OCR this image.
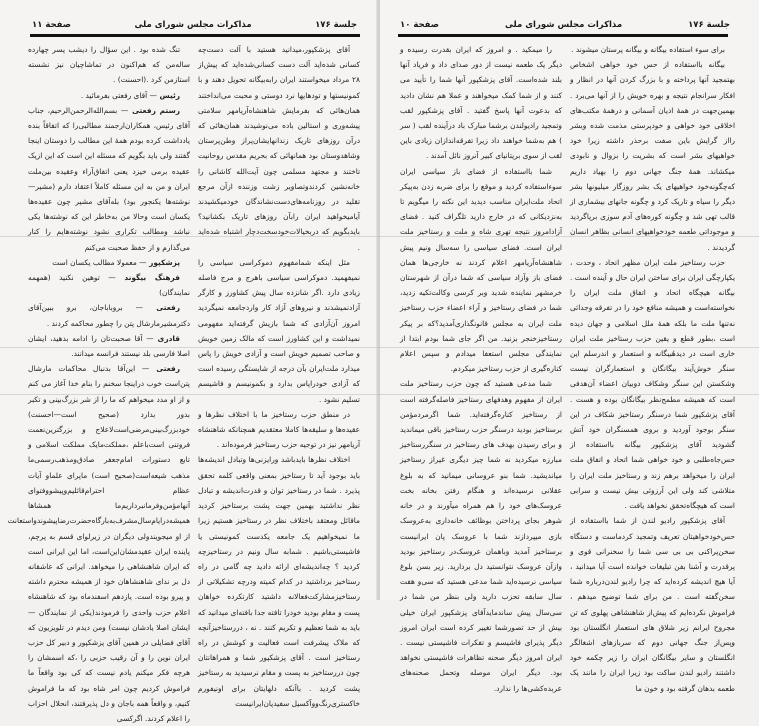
جلسة ۱۷۶
مذاکرات مجلس شورای ملی
صفحة ۱۱

آقای پزشکپور،میدانید هستید با آلت دست‌چه کسانی شده‌اید آلت دست کسانی‌شده‌اید که پیش‌از ۲۸ مرداد میخواستند ایران رابه‌بیگانه تحویل دهند و با کمونیستها و تودهایها نرد دوستی و محبت می‌انداختند همان‌هائی که بفرمایش شاهنشاه‌آریامهر سلامتی پیشه‌وری و استالین باده می‌نوشیدند همان‌هائی که درآن روزهای تاریک زندانهایشان‌پراز وطن‌پرستان وشاهدوستان بود همانهائی که بحریم مقدس روحانیت تاختند و مجتهد مسلمی چون آیت‌الله کاشانی را خانه‌نشین کردندوتصاویر زشت وزننده ازآن مرجع تقلید در روزنامه‌های‌دست‌نشاندگان خودمیکشیدند آیامیخواهید ایران رابآن روزهای تاریک بکشانید؟بایدبگویم که دربخیالات‌خودسخت‌دچار اشتباه شده‌اید .

مثل اینکه شمامفهوم دموکراسی سیاسی را نمیفهمید. دموکراسی سیاسی باهرج و مرج فاصله زیادی دارد .اگر شانزده سال پیش کشاورز و کارگر آزادنمیشدند و نیروهای آزاد کار واردجامعه نمیگردید امروز آن‌آزادی که شما بازیش گرفته‌اید مفهومی نمیداشت و این کشاورز است که مالک زمین خویش و صاحب تصمیم خویش است و آزادی خویش را پاس میدارد ملت‌ایران بآن درجه از شایستگی رسیده است که آزادی خودراپاس بدارد و بکمونیسم و فاشیسم تسلیم نشود .

در منطق حزب رستاخیز ما با اختلاف نظرها و عقیده‌ها و سلیقه‌ها کاملا معتقدیم همچنانکه شاهنشاه آریامهر نیز در توجیه حزب رستاخیز فرموده‌اند .

اختلاف نظرها بایدباشد ورایزنی‌ها وتبادل اندیشه‌ها باید بوجود آید تا رستاخیز بمعنی واقعی کلمه تحقق پذیرد . شما در رستاخیز توان و قدرت‌اندیشه و تبادل نظر نداشتید بهمین جهت پشت برستاخیز کردید ماقائل ومعتقد باختلاف نظر در رستاخیز هستیم زیرا ما نمیخواهیم یک جامعه یکدست کمونیستی یا فاشیستی‌باشیم . شمابه سال ونیم در رستاخیزچه کردید ؟ چه‌اندیشه‌ای ارائه دادید چه گامی در راه رستاخیز برداشتید در کدام کمیته ودرچه تشکیلاتی از رستاخیزمشارکت‌فعالانه داشتید کارتکرده خواهان پست و مقام بودید خودرا تافته جدا بافته‌ای میدانید که باید به شما تعظیم و تکریم کنند . نه ، دررستاخیزآنچه که ملاک پیشرفت است فعالیت و کوشش در راه رستاخیز است . آقای پزشکپور شما و همراهانتان چون دررستاخیز به پست و مقام نرسیدید به رستاخیز پشت کردید . باآنکه دلهایتان برای اونیفورم خاکستری‌رنگ‌ووآکسیل سفیدپان‌ایرانیست

تنگ شده بود . این سؤال را دیشب پسر چهارده ساله‌من که هم‌اکنون در تماشاچیان نیز نشسته استازمن کرد .(احسنت) .

رئیس — آقای رفعتی بفرمائید .

رستم رفعتی — بسم‌الله‌الرحمن‌الرحیم، جناب آقای رئیس، همکاران‌ارجمند مطالبی‌را که اتفاقاً بنده یادداشت کرده بودم همهٔ این مطالب را دوستان اینجا گفتند ولی باید بگویم که مسئله این است که این ازیک عقیده برمی خیزد یعنی اتفاق‌آراء وعقیده بین‌ملت ایران و من به این مسئله کاملاً اعتقاد دارم (مشیر—نوشته‌ها یکنجور بود) بله‌آقای مشیر چون عقیده‌ها یکسان است وحالا من به‌خاطر این که نوشته‌ها یکی نباشد ومطالب تکراری نشود نوشته‌هایم را کنار می‌گذارم و از حفظ صحبت می‌کنم

پزشکپور — معمولا مطالب یکسان است

فرهنگ بیگوند — توهین نکنید (همهمه نمایندگان)

رفعتی — بروباباجان، برو ببین‌آقای دکترمشیرمارشال پتن را چطور محاکمه کردند .

قادری — آقا صحبت‌تان را ادامه بدهید، ایشان اصلا فارسی بلد نیستند فرانسه میدانند.

رفعتی — این‌آقا بدنبال محاکمات مارشال پتن‌است خوب دراینجا سخنم را بنام خدا آغاز می کنم و از او مدد میخواهم که ما را از شر بزرگ‌بینی و تکبر بدور بدارد (صحیح است—احسنت) خودبزرگ‌بینی‌مرضی‌است‌لاعلاج و بزرگترین‌نعمت فروتنی است‌باعلم ،مملکت‌مایک مملکت اسلامی و تابع دستورات امام‌جعفر صادق‌ومذهب‌رسمی‌ما مذهب شیعه‌است(صحیح است) ماپرای علماو آیات عظام احترام‌قائلیم‌وپیشووفتوای آنهامؤمن‌وفرمانبرداریم‌ما همشاها همیشه‌درایام‌سال‌مشرف‌به‌بارگاه‌حضرت‌رضاپیشوندواستعانت از او میجویندولی دیگران در زیرلوای قسم به پرچم، پاینده ایران عقیدمشان‌این‌است، اما این ایرانی است که ایران شاهنشاهی را میخواهد. ایرانی که عاشقانه دل بر ندای شاهنشاهان خود از همیشه محترم داشته و پیرو بوده است. یازدهم اسفندماه بود که شاهنشاه اعلام حزب واحدی را فرمودند(یکی از نمایندگان — ایشان اصلا یادشان نیست) ومن دیدم در تلویزیون که آقای فضایلی در همین آقای پزشکپور و دبیر کل حزب ایران نوین را و آن رقیب حزبی را ،که اسمشان را هرچه فکر میکنم یادم نیست که کی بود واقعاً ما فراموش کردیم چون امر شاه بود که ما فراموش کنیم، و واقعاً همه باجان و دل پذیرفتند، انحلال احزاب را اعلام کردند. اگرکسی

جلسة ۱۷۶
مذاکرات مجلس شورای ملی
صفحة ۱۰

برای سوء استفاده بیگانه و بیگانه پرستان میشوند .

بیگانه بااستفاده از حس خود خواهی اشخاص بهتمجید آنها پرداخته و با بزرگ کردن آنها در انظار و افکار سرانجام نتیجه و بهره خویش را از آنها می‌برد . بهمین‌جهت در همهٔ ادیان آسمانی و درهمهٔ مکتب‌های اخلاقی خود خواهی و خودپرستی مذمت شده وبشر رااز گرایش باین صفت برحذر داشته زیرا خود خواهیهای بشر است که بشریت را بزوال و نابودی میکشاند. همهٔ جنگ جهانی دوم را بهیاد داریم که‌چگونه‌خود خواهیهای یک بشر روزگار میلیونها بشر دیگر را سیاه و تاریک کرد و چگونه جانهای بیشماری از قالب تهی شد و چگونه کوره‌های آدم سوزی برپاگردید و موجوداتی طعمه خودخواهیهای انسانی بظاهر انسان گردیدند .

حزب رستاخیز ملت ایران مظهر اتحاد ، وحدت ، یکپارچگی ایران برای ساختن ایران حال و آینده است . بیگانه هیچگاه اتحاد و اتفاق ملت ایران را نخواسته‌است و همیشه منافع خود را در تفرقه وجدائی نه‌تنها ملت ما بلکه همهٔ ملل اسلامی و جهان دیده است ،بطور قطع و یقین حزب رستاخیز ملت ایران خاری است در دیدهٔبیگانه و استعمار و اندرسلم این سنگر خوش‌آیند بیگانگان و استعمارگران نیست وشکستن این سنگر وشکاف دوبیان اعضاء آن‌هدفی است که همیشه مطمح‌نظر بیگانگان بوده و هست . آقای پزشکپور شما درسنگر رستاخیز شکاف در این سنگر بوجود آوردید و بروی همسنگران خود آتش گشودید آقای پزشکپور بیگانه بااستفاده از حس‌جاه‌طلبی و خود خواهی شما اتحاد و اتفاق ملت ایران را میخواهد برهم زند و رستاخیز ملت ایران را متلاشی کند ولی این آرزوئی بیش نیست و سرابی است که هیچگاه‌تحقق نخواهد یافت .

آقای پزشکپور رادیو لندن از شما بااستفاده از حس‌خودخواهیتان تعریف وتمجید کردماست و دستگاه سخن‌پراکنی بی بی سی شما را سخنرانی قوی و پرقدرت و آشنا بفن تبلیغات خوانده است آیا میدانید ، آیا هیچ اندیشه کرده‌اید که چرا رادیو لندن‌درباره شما سخن‌گفته است . من برای شما توضیح میدهم ، فراموش نکرده‌ایم که پیش‌از شاهنشاهی پهلوی که تن مجروح ایرانم زیر شلاق های استعمار انگلستان بود وپس‌از جنگ جهانی دوم که سربازهای اشغالگر انگلستان و سایر بیگانگان ایران را زیر چکمه خود داشتند رادیو لندن ساکت بود زیرا ایران را مانند یک طعمه بدهان گرفته بود و خون ما

را میمکید . و امروز که ایران بقدرت رسیده و دیگر یک طعمه نیست از دور صدای داد و فریاد آنها بلند شده‌است. آقای پزشکپور آنها شما را تأیید می کنند و از شما کمک میخواهند و عملا هم نشان دادید که بدعوت آنها پاسخ گفتید . آقای پزشکپور لقب وتمجید رادیولندن برشما مبارک باد درآینده لقب ( سر ) هم به‌شما خواهند داد زیرا تفرقه‌اندازان زیادی باین لقب از سوی بریتانیای کبیر آنروز نائل آمدند .

شما بااستفاده از فضای باز سیاسی ایران سوءاستفاده کردید و موقع را برای ضربه زدن به‌پیکر اتحاد ملت‌ایران مناسب دیدید این نکته را میگویم تا به‌نزدیکانی که در خارج دارید تلگراف کنید . فضای آزادامروز نتیجه تهری شاه و ملت و رستاخیز ملت ایران است. فضای سیاسی را سه‌سال ونیم پیش شاهنشاه‌آریامهر اعلام کردند نه خارجی‌ها همان فضای باز وآزاد سیاسی که شما درآن از شهرستان خرمشهر نماینده شدید وبر کرسی وکالت‌تکیه زدید، شما در فضای رستاخیز و آراء اعضاء حزب رستاخیز ملت ایران به مجلس قانونگذاری‌آمدید؟که بر پیکر رستاخیزخنجر بزنید. من اگر جای شما بودم ابتدا از نمایندگی مجلس استعفا میدادم و سپس اعلام کناره‌گیری از حزب رستاخیز میکردم.

شما مدعی هستید که چون حزب رستاخیز ملت ایران از مفهوم وهدفهای رستاخیز فاصله‌گرفته است از رستاخیز کناره‌گرفته‌اید. شما اگرمرد‌مؤمن برستاخیز بودید درسنگر حزب رستاخیز باقی میماندید و برای رسیدن بهدف های رستاخیز در سنگررستاخیز مبارزه میکردید نه شما چیز دیگری غیراز رستاخیز میاندیشید. شما بنو عروسانی میمانید که به بلوغ عقلانی نرسیده‌اند و هنگام رفتن بخانه بخت عروسک‌های خود را هم همراه میآورند و در خانه شوهر بجای پرداختن بوظائف خانه‌داری به‌عروسک بازی میپردازند شما با عروسک پان ایرانیست برستاخیز آمدید وباهمان عروسک‌در رستاخیز بودید وازآن عروسک نتوانستید دل بردارید. زیر بسن بلوغ سیاسی نرسیده‌اید شما مدعی هستید که سی‌و هفت سال سابقه تحزب دارید ولی بنظر من شما در سی‌سال پیش ساندماید‌آقای پزشکپور ایران خیلی بیش از حد تصورشما تغییر کرده است ایران امروز دیگر پذیرای فاشیسم و تفکرات فاشیستی نیست . ایران امروز دیگر صحنه تظاهرات فاشیستی نخواهد بود. دیگر ایران موصله وتحمل صحنه‌های عربده‌کشی‌ها را ندارد.
